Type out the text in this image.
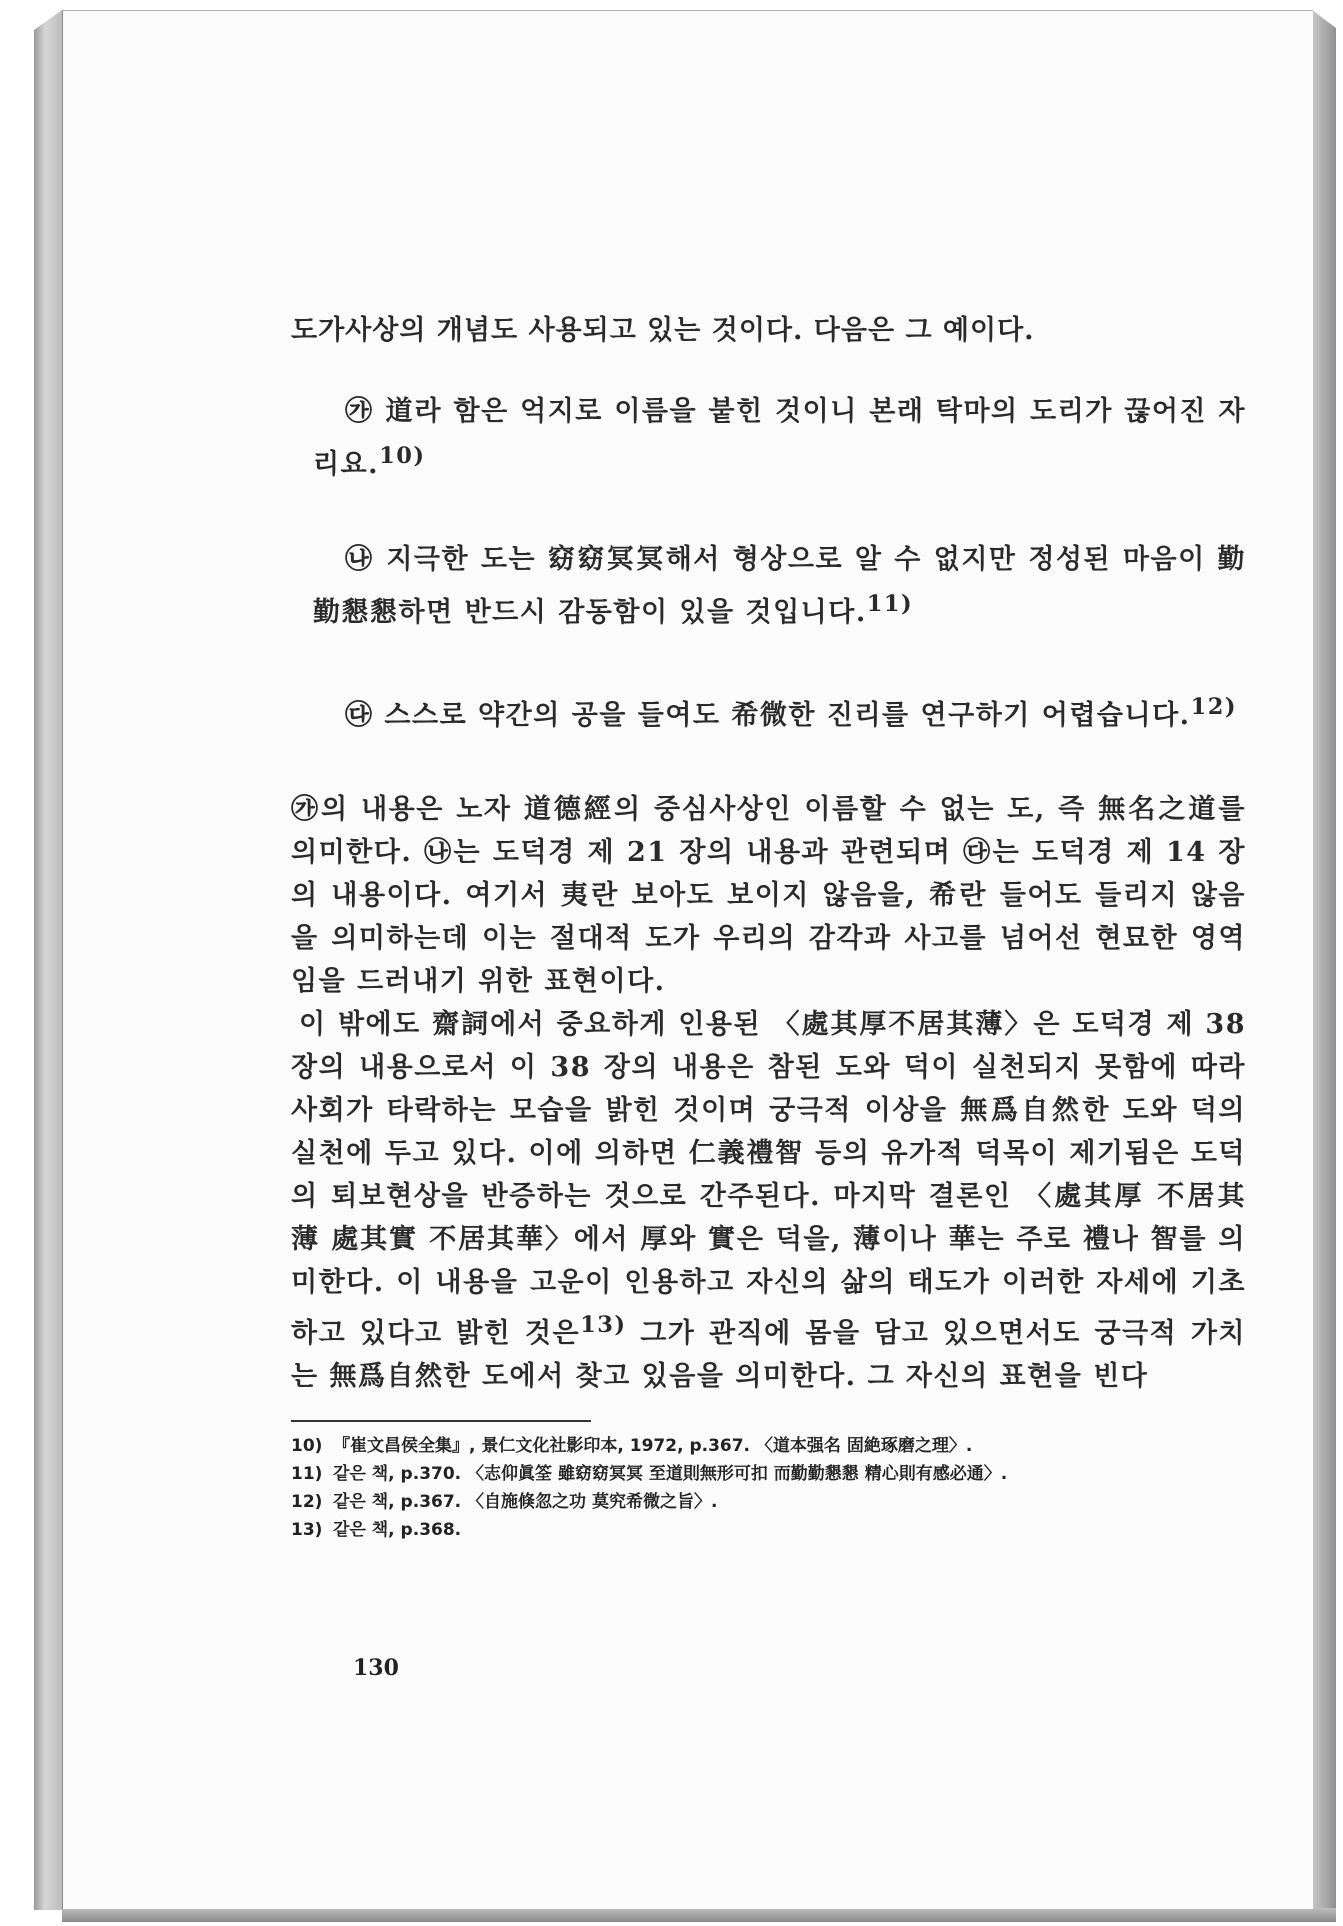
도가사상의 개념도 사용되고 있는 것이다. 다음은 그 예이다.

㉮ 道라 함은 억지로 이름을 붙힌 것이니 본래 탁마의 도리가 끊어진 자리요.$^{10)}$

㉯ 지극한 도는 窈窈冥冥해서 형상으로 알 수 없지만 정성된 마음이 勤勤懇懇하면 반드시 감동함이 있을 것입니다.$^{11)}$

㉰ 스스로 약간의 공을 들여도 希微한 진리를 연구하기 어렵습니다.$^{12)}$

㉮의 내용은 노자 道德經의 중심사상인 이름할 수 없는 도, 즉 無名之道를 의미한다. ㉯는 도덕경 제 21 장의 내용과 관련되며 ㉰는 도덕경 제 14 장의 내용이다. 여기서 夷란 보아도 보이지 않음을, 希란 들어도 들리지 않음을 의미하는데 이는 절대적 도가 우리의 감각과 사고를 넘어선 현묘한 영역임을 드러내기 위한 표현이다.

이 밖에도 齋詞에서 중요하게 인용된 〈處其厚不居其薄〉은 도덕경 제 38 장의 내용으로서 이 38 장의 내용은 참된 도와 덕이 실천되지 못함에 따라 사회가 타락하는 모습을 밝힌 것이며 궁극적 이상을 無爲自然한 도와 덕의 실천에 두고 있다. 이에 의하면 仁義禮智 등의 유가적 덕목이 제기됨은 도덕의 퇴보현상을 반증하는 것으로 간주된다. 마지막 결론인 〈處其厚 不居其薄 處其實 不居其華〉에서 厚와 實은 덕을, 薄이나 華는 주로 禮나 智를 의미한다. 이 내용을 고운이 인용하고 자신의 삶의 태도가 이러한 자세에 기초하고 있다고 밝힌 것은$^{13)}$ 그가 관직에 몸을 담고 있으면서도 궁극적 가치는 無爲自然한 도에서 찾고 있음을 의미한다. 그 자신의 표현을 빈다

10) 『崔文昌侯全集』, 景仁文化社影印本, 1972, p.367. 〈道本强名 固絶琢磨之理〉.
11) 같은 책, p.370. 〈志仰眞筌 雖窈窈冥冥 至道則無形可扣 而勤勤懇懇 精心則有感必通〉.
12) 같은 책, p.367. 〈自施倏忽之功 莫究希微之旨〉.
13) 같은 책, p.368.
130
